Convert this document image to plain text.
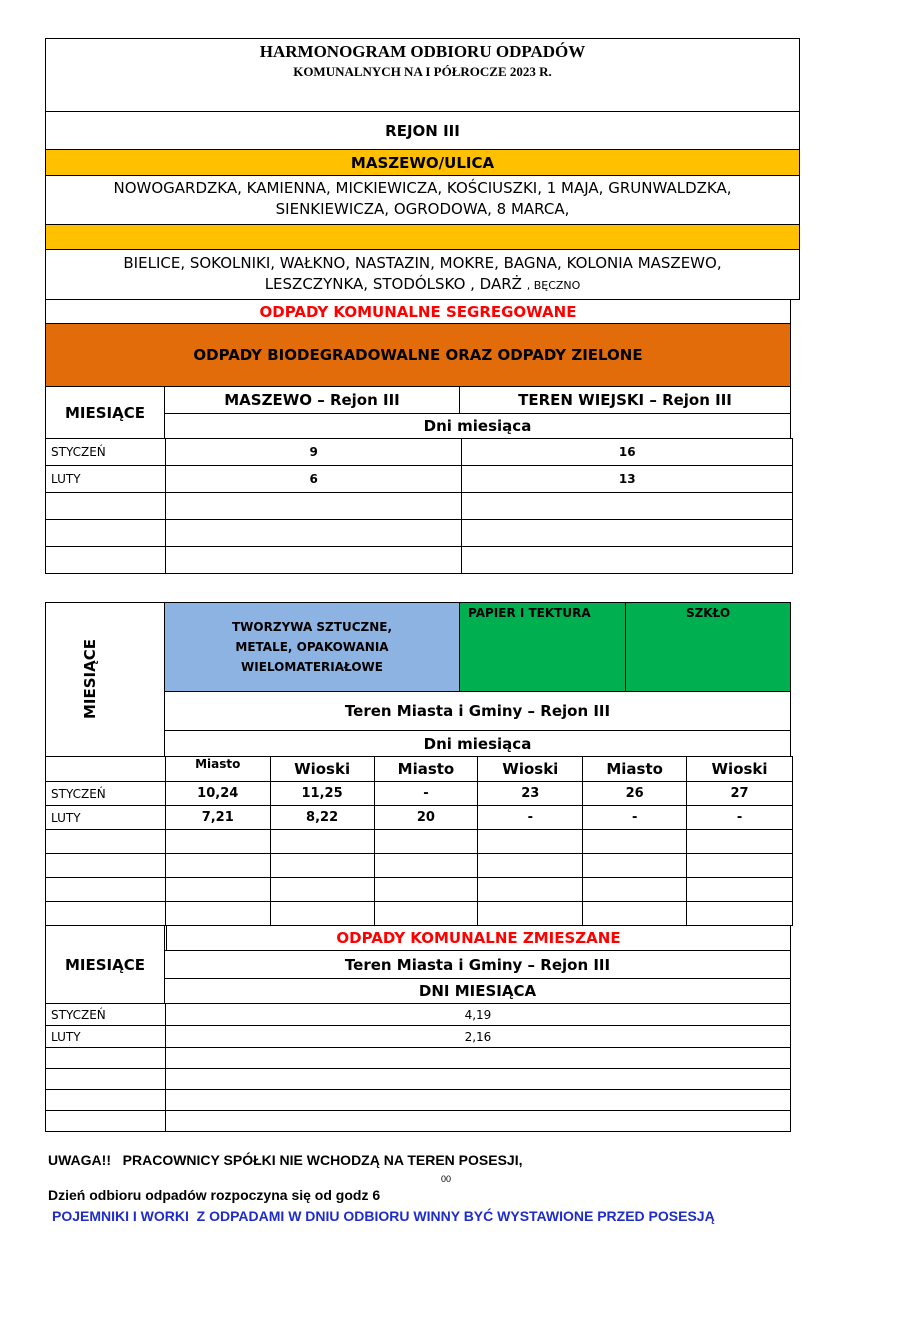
HARMONOGRAM ODBIORU ODPADÓW
KOMUNALNYCH NA I PÓŁROCZE 2023 R.
REJON III
MASZEWO/ULICA
NOWOGARDZKA, KAMIENNA, MICKIEWICZA, KOŚCIUSZKI, 1 MAJA, GRUNWALDZKA,
SIENKIEWICZA, OGRODOWA, 8 MARCA,
BIELICE, SOKOLNIKI, WAŁKNO, NASTAZIN, MOKRE, BAGNA, KOLONIA MASZEWO,
LESZCZYNKA, STODÓLSKO , DARŻ , BĘCZNO
ODPADY KOMUNALNE SEGREGOWANE
ODPADY BIODEGRADOWALNE ORAZ ODPADY ZIELONE
MIESIĄCE
MASZEWO – Rejon III	TEREN WIEJSKI – Rejon III
Dni miesiąca
STYCZEŃ	9	16
LUTY	6	13

MIESIĄCE
TWORZYWA SZTUCZNE, METALE, OPAKOWANIA WIELOMATERIAŁOWE
PAPIER I TEKTURA	SZKŁO
Teren Miasta i Gminy – Rejon III
Dni miesiąca
	Miasto	Wioski	Miasto	Wioski	Miasto	Wioski
STYCZEŃ	10,24	11,25	-	23	26	27
LUTY	7,21	8,22	20	-	-	-

MIESIĄCE
ODPADY KOMUNALNE ZMIESZANE
Teren Miasta i Gminy – Rejon III
DNI MIESIĄCA
STYCZEŃ	4,19
LUTY	2,16

UWAGA!!   PRACOWNICY SPÓŁKI NIE WCHODZĄ NA TEREN POSESJI,
00
Dzień odbioru odpadów rozpoczyna się od godz 6
POJEMNIKI I WORKI  Z ODPADAMI W DNIU ODBIORU WINNY BYĆ WYSTAWIONE PRZED POSESJĄ
